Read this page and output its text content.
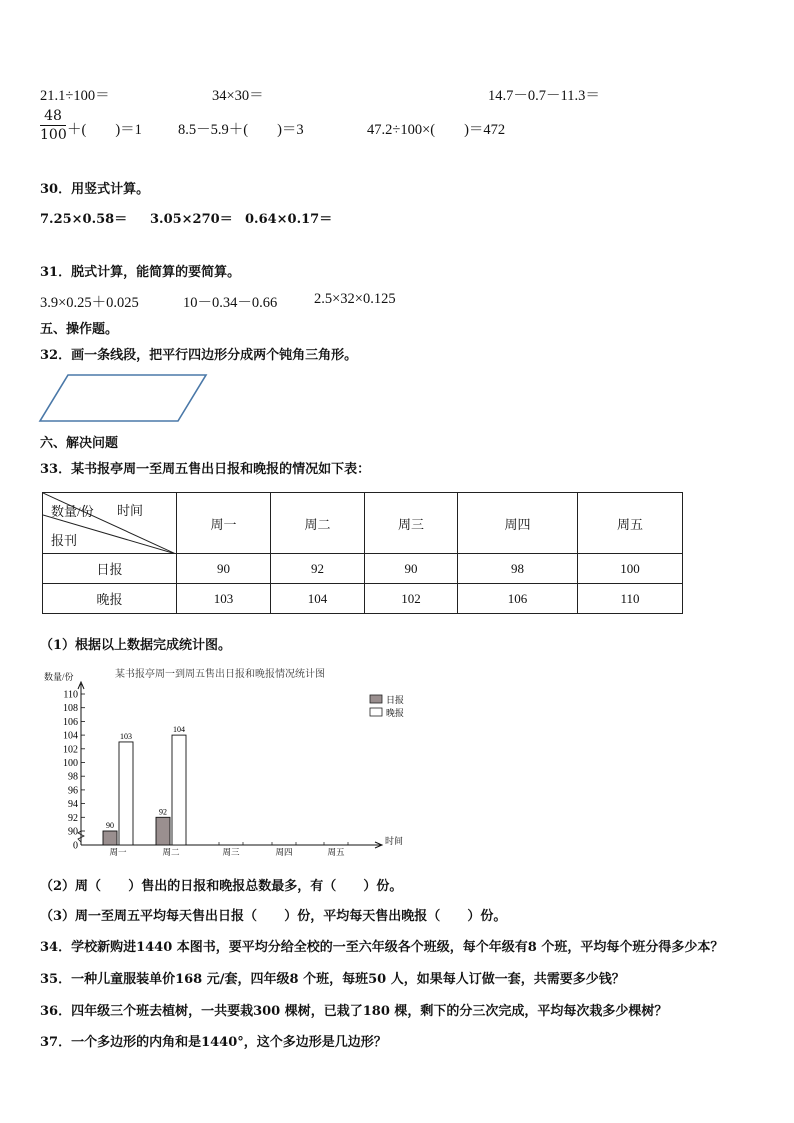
21.1÷100＝	34×30＝	14.7－0.7－11.3＝
48
100 ＋(        )＝1 8.5－5.9＋(        )＝3	47.2÷100×(        )＝472
30．用竖式计算。
7.25×0.58＝ 3.05×270＝ 0.64×0.17＝
31．脱式计算，能简算的要简算。
3.9×0.25＋0.025	10－0.34－0.66	2.5×32×0.125
五、操作题。
32．画一条线段，把平行四边形分成两个钝角三角形。
六、解决问题
33．某书报亭周一至周五售出日报和晚报的情况如下表：
数量/份 时间
报刊	周一	周二	周三	周四	周五
日报	90	92	90	98	100
晚报	103	104	102	106	110
（1）根据以上数据完成统计图。
某书报亭周一到周五售出日报和晚报情况统计图
数量/份
时间
日报
晚报
0
90
92
94
96
98
100
102
104
106
108
110
周一	周二	周三	周四	周五
90
92
103
104
（2）周（      ）售出的日报和晚报总数最多，有（      ）份。
（3）周一至周五平均每天售出日报（      ）份，平均每天售出晚报（      ）份。
34．学校新购进1440 本图书，要平均分给全校的一至六年级各个班级，每个年级有8 个班，平均每个班分得多少本？
35．一种儿童服装单价168 元/套，四年级8 个班，每班50 人，如果每人订做一套，共需要多少钱？
36．四年级三个班去植树，一共要栽300 棵树，已栽了180 棵，剩下的分三次完成，平均每次栽多少棵树？
37．一个多边形的内角和是1440°，这个多边形是几边形？
